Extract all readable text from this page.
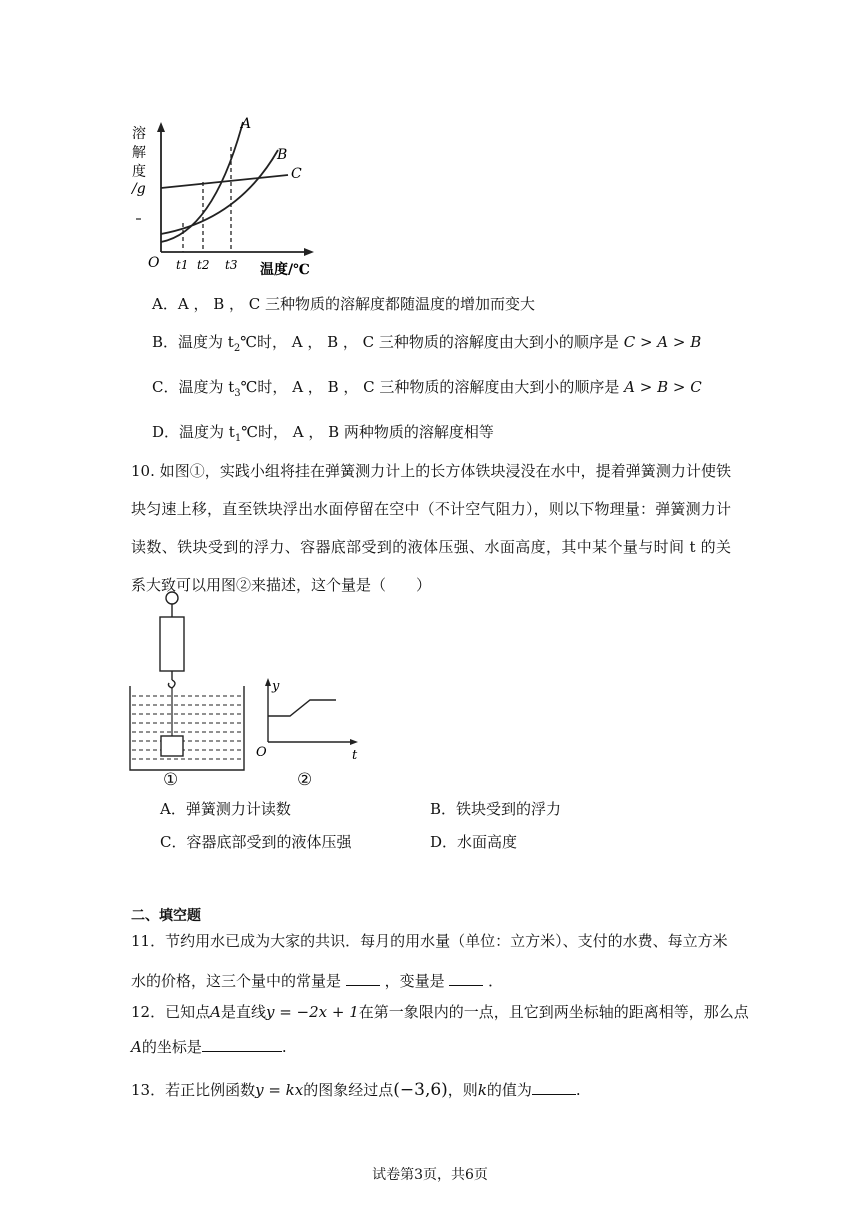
溶
解
度
/g
A
B
C
O t1 t2 t3 温度/℃
A．A ， B ， C 三种物质的溶解度都随温度的增加而变大
B．温度为 $t_2℃$时， A ， B ， C 三种物质的溶解度由大到小的顺序是 C > A > B
C．温度为 $t_3℃$时， A ， B ， C 三种物质的溶解度由大到小的顺序是 A > B > C
D．温度为 $t_1℃$时， A ， B 两种物质的溶解度相等
10. 如图①，实践小组将挂在弹簧测力计上的长方体铁块浸没在水中，提着弹簧测力计使铁块匀速上移，直至铁块浮出水面停留在空中（不计空气阻力），则以下物理量：弹簧测力计读数、铁块受到的浮力、容器底部受到的液体压强、水面高度，其中某个量与时间 t 的关系大致可以用图②来描述，这个量是（　　）
①
y
t
O
②
A．弹簧测力计读数	B．铁块受到的浮力
C．容器底部受到的液体压强	D．水面高度
二、填空题
11．节约用水已成为大家的共识．每月的用水量（单位：立方米）、支付的水费、每立方米
水的价格，这三个量中的常量是	，变量是	．
12．已知点A是直线y = −2x + 1在第一象限内的一点，且它到两坐标轴的距离相等，那么点
A的坐标是	.
13．若正比例函数y = kx的图象经过点(−3,6)，则k的值为	.
试卷第3页，共6页
